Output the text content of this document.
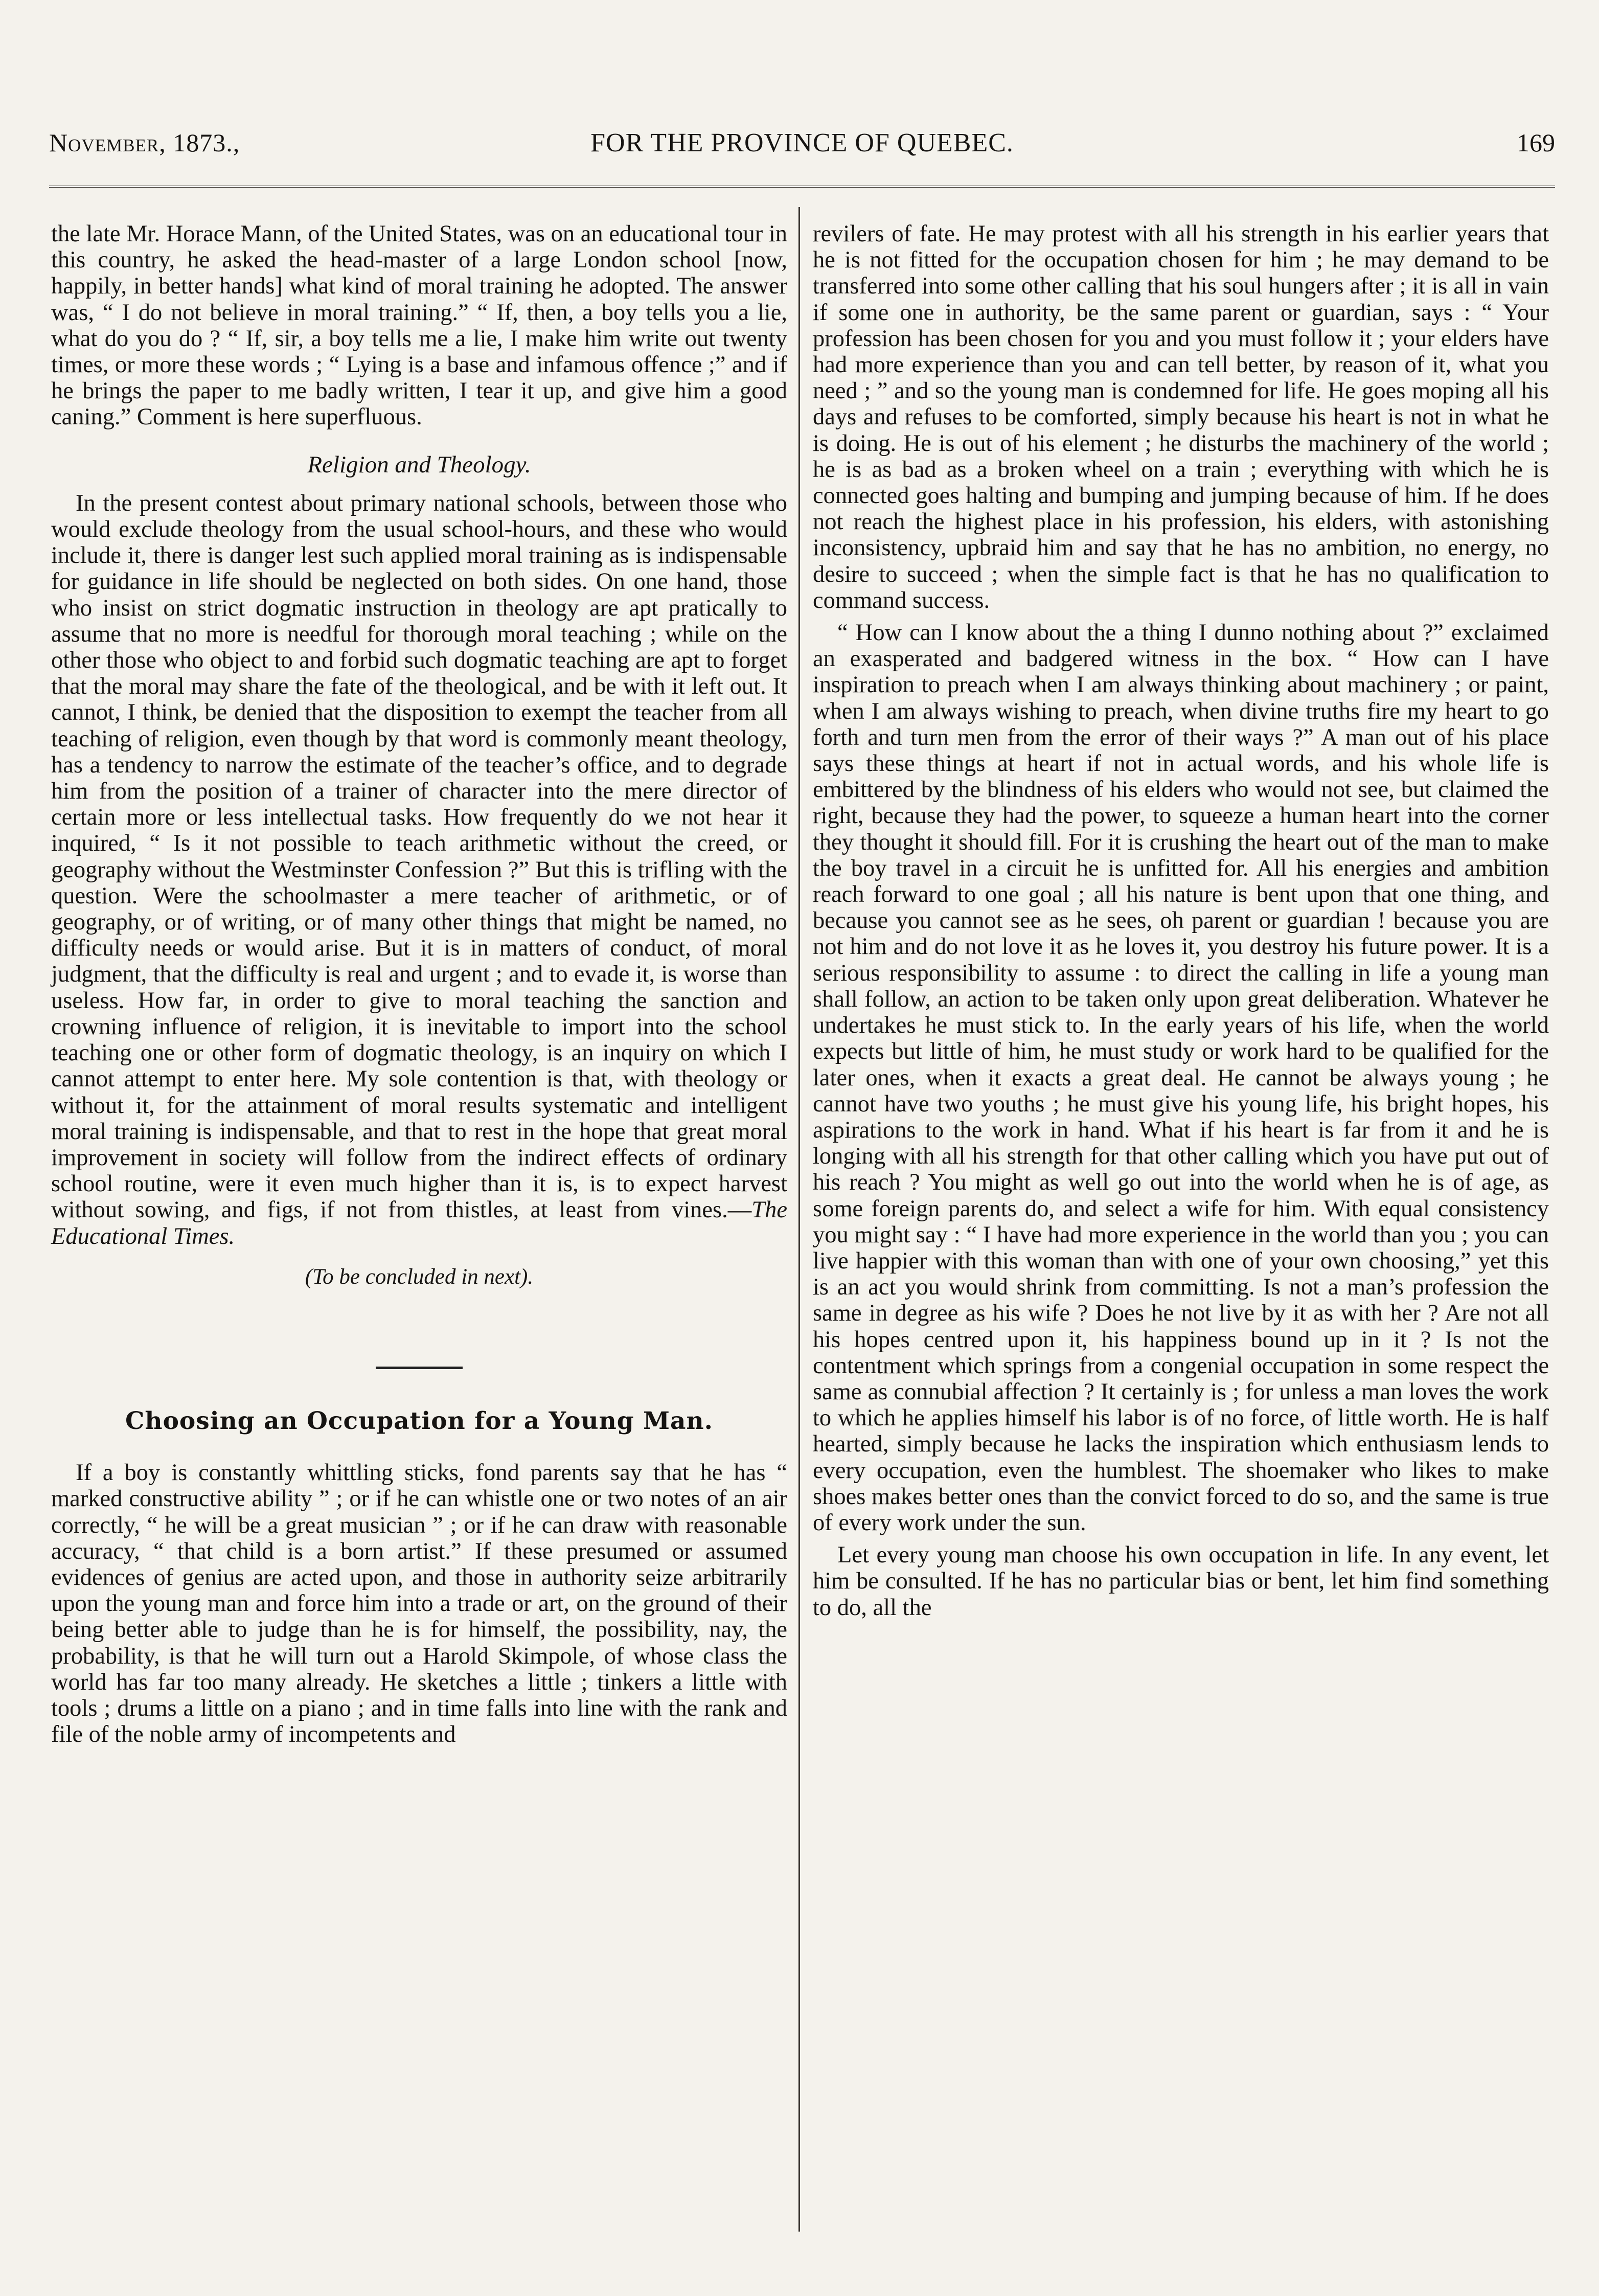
November, 1873.,	FOR THE PROVINCE OF QUEBEC.	169

the late Mr. Horace Mann, of the United States, was on an educational tour in this country, he asked the head-master of a large London school [now, happily, in better hands] what kind of moral training he adopted. The answer was, “ I do not believe in moral training.” “ If, then, a boy tells you a lie, what do you do ? “ If, sir, a boy tells me a lie, I make him write out twenty times, or more these words ; “ Lying is a base and infamous offence ;” and if he brings the paper to me badly written, I tear it up, and give him a good caning.” Comment is here superfluous.

Religion and Theology.

In the present contest about primary national schools, between those who would exclude theology from the usual school-hours, and these who would include it, there is danger lest such applied moral training as is indispensable for guidance in life should be neglected on both sides. On one hand, those who insist on strict dogmatic instruction in theology are apt pratically to assume that no more is needful for thorough moral teaching ; while on the other those who object to and forbid such dogmatic teaching are apt to forget that the moral may share the fate of the theological, and be with it left out. It cannot, I think, be denied that the disposition to exempt the teacher from all teaching of religion, even though by that word is commonly meant theology, has a tendency to narrow the estimate of the teacher’s office, and to degrade him from the position of a trainer of character into the mere director of certain more or less intellectual tasks. How frequently do we not hear it inquired, “ Is it not possible to teach arithmetic without the creed, or geography without the Westminster Confession ?” But this is trifling with the question. Were the schoolmaster a mere teacher of arithmetic, or of geography, or of writing, or of many other things that might be named, no difficulty needs or would arise. But it is in matters of conduct, of moral judgment, that the difficulty is real and urgent ; and to evade it, is worse than useless. How far, in order to give to moral teaching the sanction and crowning influence of religion, it is inevitable to import into the school teaching one or other form of dogmatic theology, is an inquiry on which I cannot attempt to enter here. My sole contention is that, with theology or without it, for the attainment of moral results systematic and intelligent moral training is indispensable, and that to rest in the hope that great moral improvement in society will follow from the indirect effects of ordinary school routine, were it even much higher than it is, is to expect harvest without sowing, and figs, if not from thistles, at least from vines.—The Educational Times.

(To be concluded in next).
Choosing an Occupation for a Young Man.

If a boy is constantly whittling sticks, fond parents say that he has “ marked constructive ability ” ; or if he can whistle one or two notes of an air correctly, “ he will be a great musician ” ; or if he can draw with reasonable accuracy, “ that child is a born artist.” If these presumed or assumed evidences of genius are acted upon, and those in authority seize arbitrarily upon the young man and force him into a trade or art, on the ground of their being better able to judge than he is for himself, the possibility, nay, the probability, is that he will turn out a Harold Skimpole, of whose class the world has far too many already. He sketches a little ; tinkers a little with tools ; drums a little on a piano ; and in time falls into line with the rank and file of the noble army of incompetents and

revilers of fate. He may protest with all his strength in his earlier years that he is not fitted for the occupation chosen for him ; he may demand to be transferred into some other calling that his soul hungers after ; it is all in vain if some one in authority, be the same parent or guardian, says : “ Your profession has been chosen for you and you must follow it ; your elders have had more experience than you and can tell better, by reason of it, what you need ; ” and so the young man is condemned for life. He goes moping all his days and refuses to be comforted, simply because his heart is not in what he is doing. He is out of his element ; he disturbs the machinery of the world ; he is as bad as a broken wheel on a train ; everything with which he is connected goes halting and bumping and jumping because of him. If he does not reach the highest place in his profession, his elders, with astonishing inconsistency, upbraid him and say that he has no ambition, no energy, no desire to succeed ; when the simple fact is that he has no qualification to command success.

“ How can I know about the a thing I dunno nothing about ?” exclaimed an exasperated and badgered witness in the box. “ How can I have inspiration to preach when I am always thinking about machinery ; or paint, when I am always wishing to preach, when divine truths fire my heart to go forth and turn men from the error of their ways ?” A man out of his place says these things at heart if not in actual words, and his whole life is embittered by the blindness of his elders who would not see, but claimed the right, because they had the power, to squeeze a human heart into the corner they thought it should fill. For it is crushing the heart out of the man to make the boy travel in a circuit he is unfitted for. All his energies and ambition reach forward to one goal ; all his nature is bent upon that one thing, and because you cannot see as he sees, oh parent or guardian ! because you are not him and do not love it as he loves it, you destroy his future power. It is a serious responsibility to assume : to direct the calling in life a young man shall follow, an action to be taken only upon great deliberation. Whatever he undertakes he must stick to. In the early years of his life, when the world expects but little of him, he must study or work hard to be qualified for the later ones, when it exacts a great deal. He cannot be always young ; he cannot have two youths ; he must give his young life, his bright hopes, his aspirations to the work in hand. What if his heart is far from it and he is longing with all his strength for that other calling which you have put out of his reach ? You might as well go out into the world when he is of age, as some foreign parents do, and select a wife for him. With equal consistency you might say : “ I have had more experience in the world than you ; you can live happier with this woman than with one of your own choosing,” yet this is an act you would shrink from committing. Is not a man’s profession the same in degree as his wife ? Does he not live by it as with her ? Are not all his hopes centred upon it, his happiness bound up in it ? Is not the contentment which springs from a congenial occupation in some respect the same as connubial affection ? It certainly is ; for unless a man loves the work to which he applies himself his labor is of no force, of little worth. He is half hearted, simply because he lacks the inspiration which enthusiasm lends to every occupation, even the humblest. The shoemaker who likes to make shoes makes better ones than the convict forced to do so, and the same is true of every work under the sun.

Let every young man choose his own occupation in life. In any event, let him be consulted. If he has no particular bias or bent, let him find something to do, all the
